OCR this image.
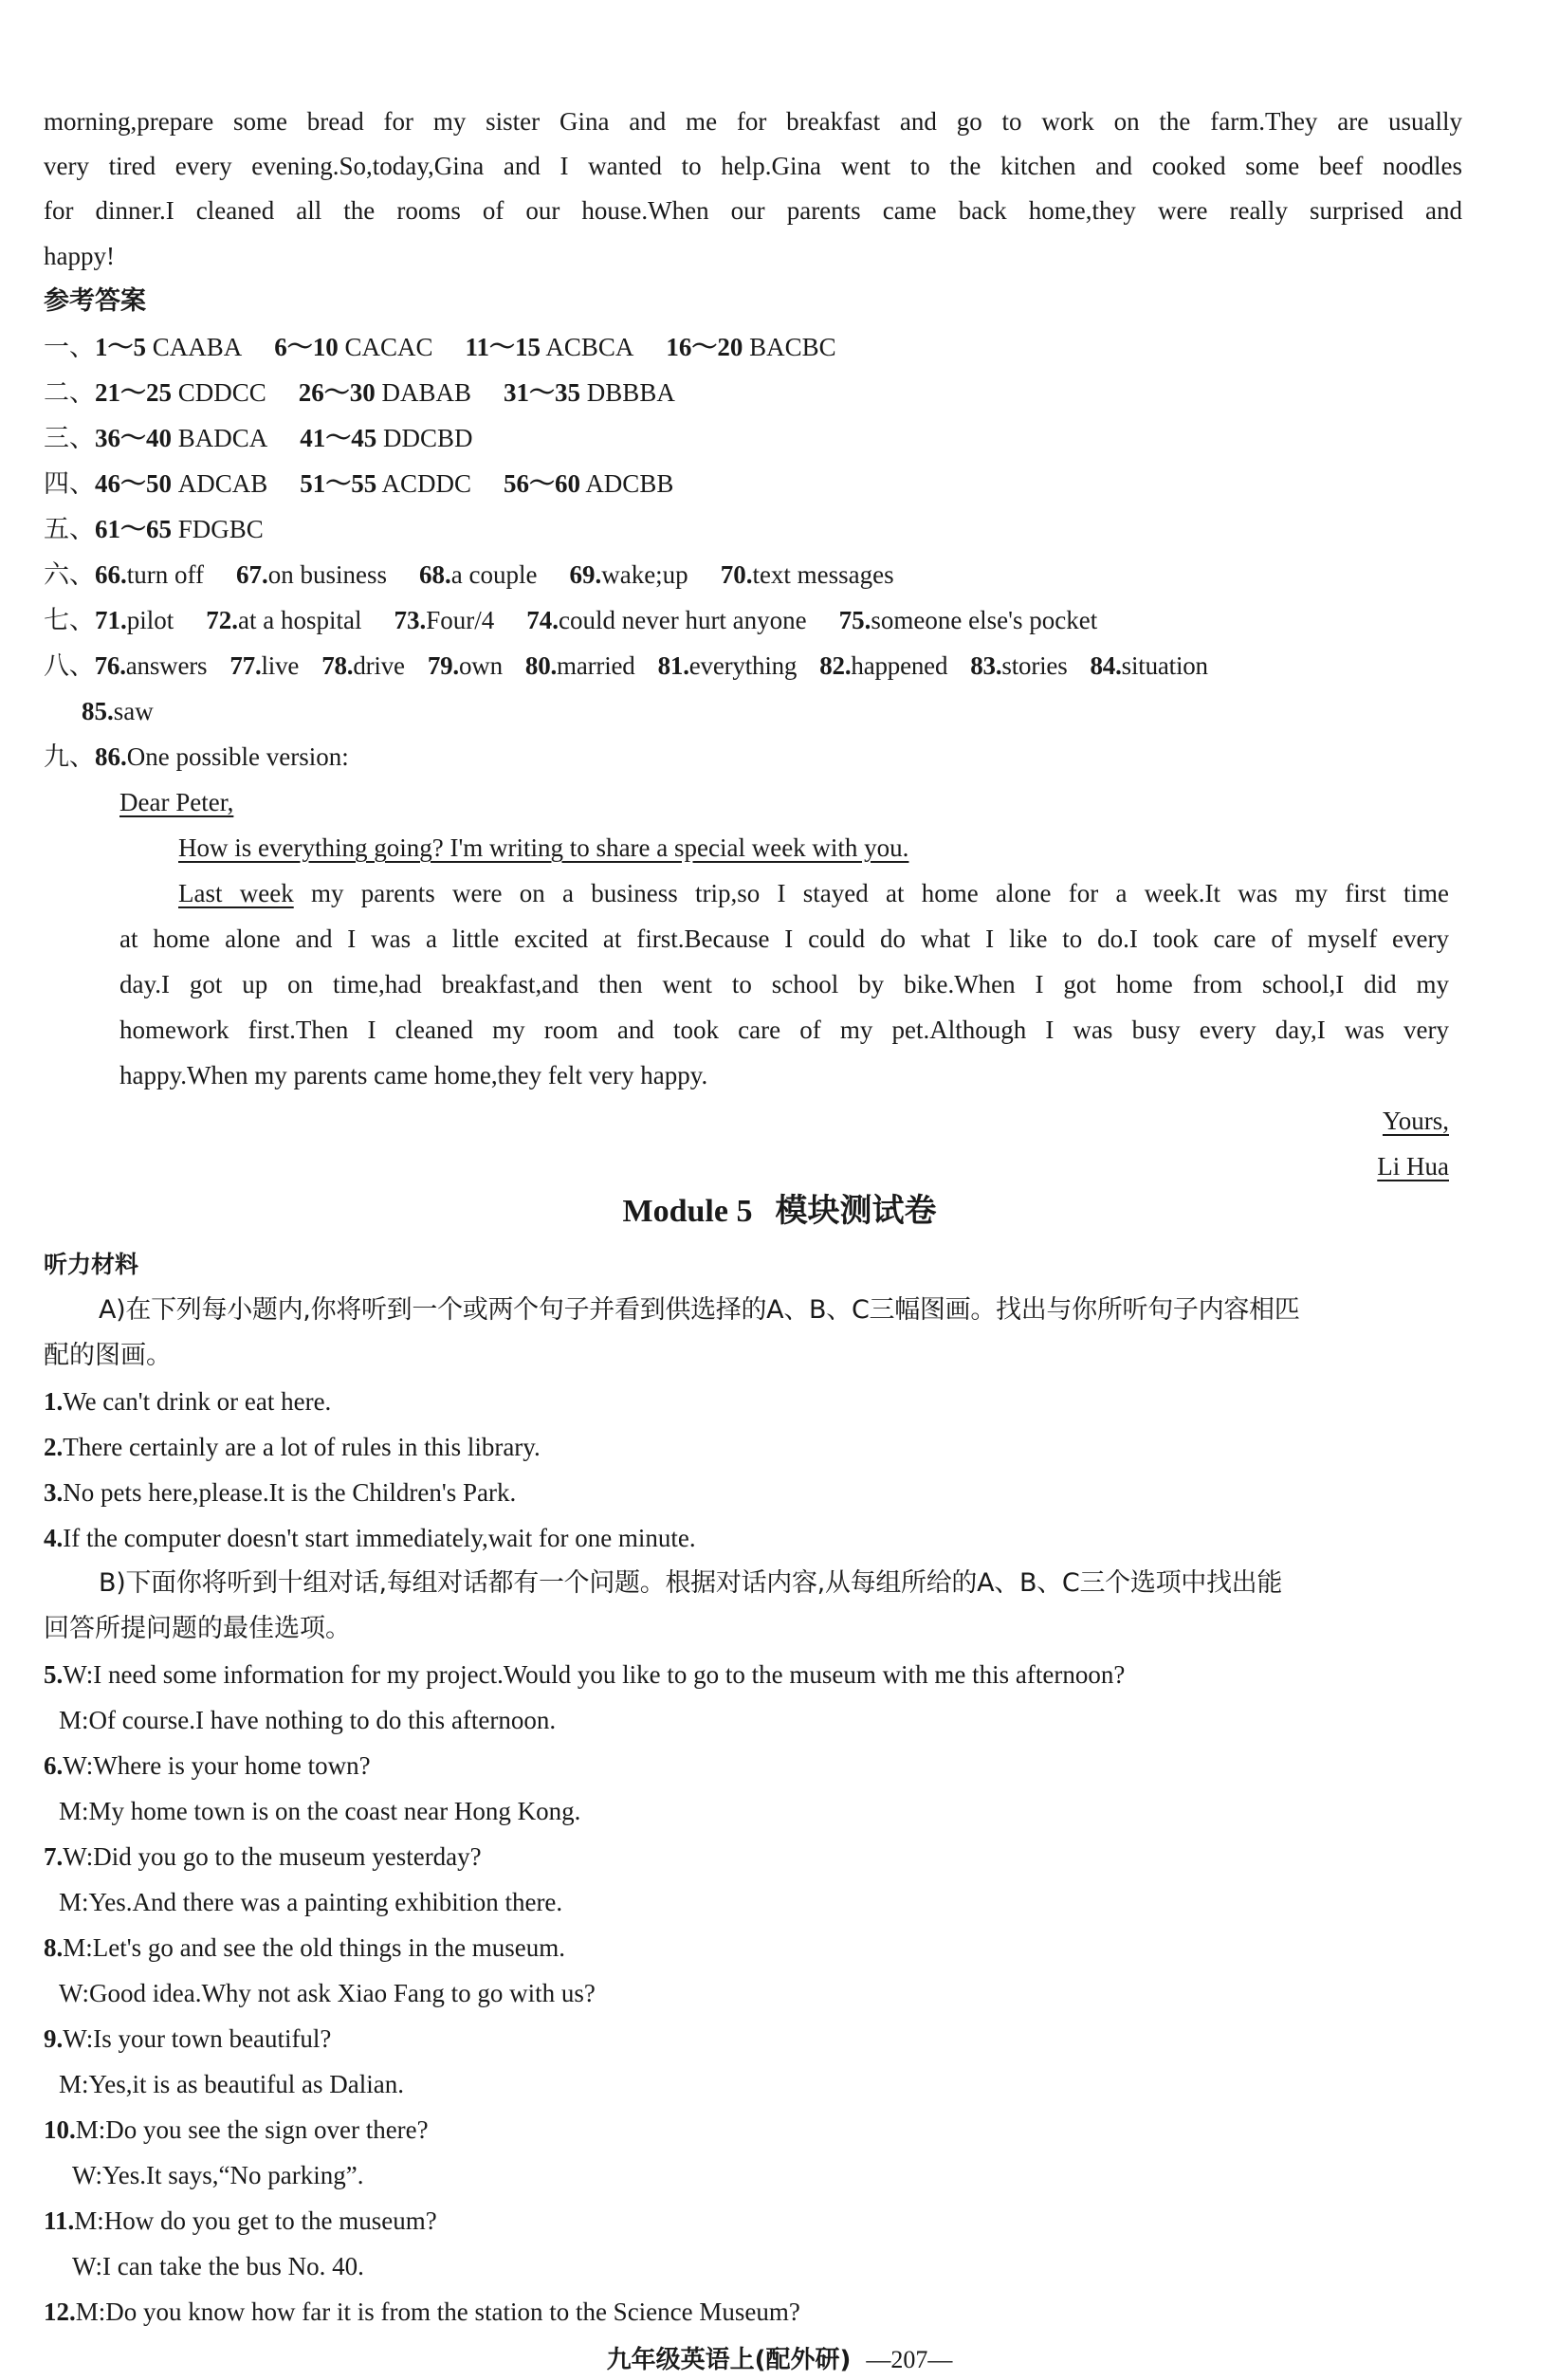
morning,prepare some bread for my sister Gina and me for breakfast and go to work on the farm.They are usually
very tired every evening.So,today,Gina and I wanted to help.Gina went to the kitchen and cooked some beef noodles
for dinner.I cleaned all the rooms of our house.When our parents came back home,they were really surprised and
happy!
参考答案
一、1～5 CAABA 6～10 CACAC 11～15 ACBCA 16～20 BACBC
二、21～25 CDDCC 26～30 DABAB 31～35 DBBBA
三、36～40 BADCA 41～45 DDCBD
四、46～50 ADCAB 51～55 ACDDC 56～60 ADCBB
五、61～65 FDGBC
六、66.turn off 67.on business 68.a couple 69.wake;up 70.text messages
七、71.pilot 72.at a hospital 73.Four/4 74.could never hurt anyone 75.someone else's pocket
八、76.answers 77.live 78.drive 79.own 80.married 81.everything 82.happened 83.stories 84.situation
85.saw
九、86.One possible version:
Dear Peter,
How is everything going? I'm writing to share a special week with you.
Last week my parents were on a business trip,so I stayed at home alone for a week.It was my first time
at home alone and I was a little excited at first.Because I could do what I like to do.I took care of myself every
day.I got up on time,had breakfast,and then went to school by bike.When I got home from school,I did my
homework first.Then I cleaned my room and took care of my pet.Although I was busy every day,I was very
happy.When my parents came home,they felt very happy.
Yours,
Li Hua
Module 5 模块测试卷
听力材料
A)在下列每小题内,你将听到一个或两个句子并看到供选择的A、B、C三幅图画。找出与你所听句子内容相匹
配的图画。
1.We can't drink or eat here.
2.There certainly are a lot of rules in this library.
3.No pets here,please.It is the Children's Park.
4.If the computer doesn't start immediately,wait for one minute.
B)下面你将听到十组对话,每组对话都有一个问题。根据对话内容,从每组所给的A、B、C三个选项中找出能
回答所提问题的最佳选项。
5.W:I need some information for my project.Would you like to go to the museum with me this afternoon?
M:Of course.I have nothing to do this afternoon.
6.W:Where is your home town?
M:My home town is on the coast near Hong Kong.
7.W:Did you go to the museum yesterday?
M:Yes.And there was a painting exhibition there.
8.M:Let's go and see the old things in the museum.
W:Good idea.Why not ask Xiao Fang to go with us?
9.W:Is your town beautiful?
M:Yes,it is as beautiful as Dalian.
10.M:Do you see the sign over there?
W:Yes.It says,“No parking”.
11.M:How do you get to the museum?
W:I can take the bus No. 40.
12.M:Do you know how far it is from the station to the Science Museum?
九年级英语上(配外研) —207—
